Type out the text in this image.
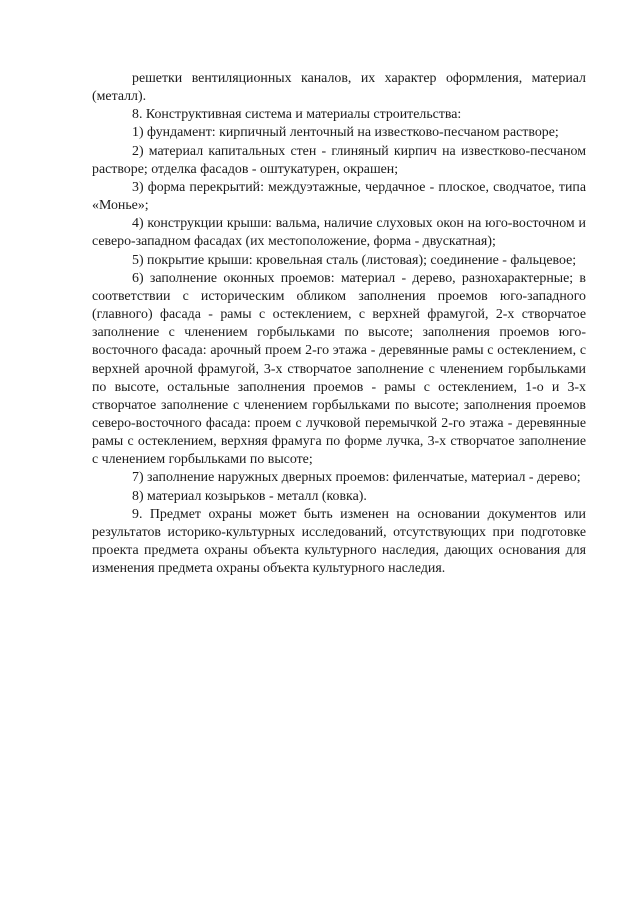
решетки вентиляционных каналов, их характер оформления, материал (металл).

8. Конструктивная система и материалы строительства:

1) фундамент: кирпичный ленточный на известково-песчаном растворе;

2) материал капитальных стен - глиняный кирпич на известково-песчаном растворе; отделка фасадов - оштукатурен, окрашен;

3) форма перекрытий: междуэтажные, чердачное - плоское, сводчатое, типа «Монье»;

4) конструкции крыши: вальма, наличие слуховых окон на юго-восточном и северо-западном фасадах (их местоположение, форма - двускатная);

5) покрытие крыши: кровельная сталь (листовая); соединение - фальцевое;

6) заполнение оконных проемов: материал - дерево, разнохарактерные; в соответствии с историческим обликом заполнения проемов юго-западного (главного) фасада - рамы с остеклением, с верхней фрамугой, 2-х створчатое заполнение с членением горбыльками по высоте; заполнения проемов юго-восточного фасада: арочный проем 2-го этажа - деревянные рамы с остеклением, с верхней арочной фрамугой, 3-х створчатое заполнение с членением горбыльками по высоте, остальные заполнения проемов - рамы с остеклением, 1-о и 3-х створчатое заполнение с членением горбыльками по высоте; заполнения проемов северо-восточного фасада: проем с лучковой перемычкой 2-го этажа - деревянные рамы с остеклением, верхняя фрамуга по форме лучка, 3-х створчатое заполнение с членением горбыльками по высоте;

7) заполнение наружных дверных проемов: филенчатые, материал - дерево;

8) материал козырьков - металл (ковка).

9. Предмет охраны может быть изменен на основании документов или результатов историко-культурных исследований, отсутствующих при подготовке проекта предмета охраны объекта культурного наследия, дающих основания для изменения предмета охраны объекта культурного наследия.
